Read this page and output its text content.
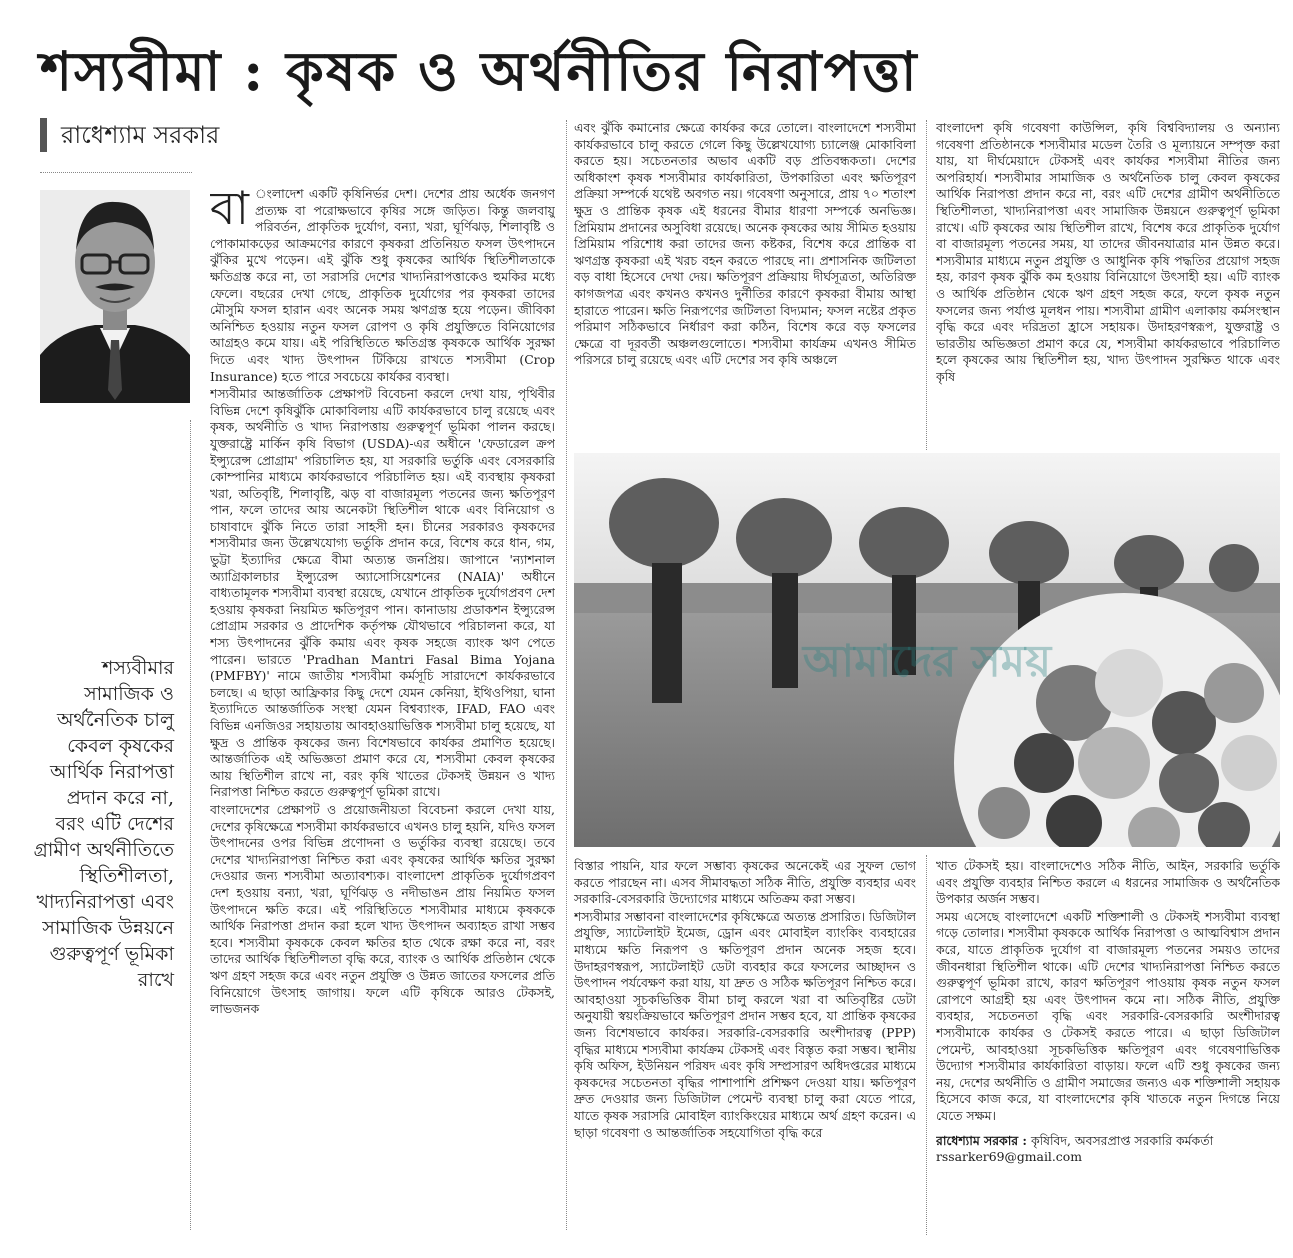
শস্যবীমা : কৃষক ও অর্থনীতির নিরাপত্তা
রাধেশ্যাম সরকার
শস্যবীমার সামাজিক ও অর্থনৈতিক চালু কেবল কৃষকের আর্থিক নিরাপত্তা প্রদান করে না, বরং এটি দেশের গ্রামীণ অর্থনীতিতে স্থিতিশীলতা, খাদ্যনিরাপত্তা এবং সামাজিক উন্নয়নে গুরুত্বপূর্ণ ভূমিকা রাখে

বা ংলাদেশ একটি কৃষিনির্ভর দেশ। দেশের প্রায় অর্ধেক জনগণ প্রত্যক্ষ বা পরোক্ষভাবে কৃষির সঙ্গে জড়িত। কিন্তু জলবায়ু পরিবর্তন, প্রাকৃতিক দুর্যোগ, বন্যা, খরা, ঘূর্ণিঝড়, শিলাবৃষ্টি ও পোকামাকড়ের আক্রমণের কারণে কৃষকরা প্রতিনিয়ত ফসল উৎপাদনে ঝুঁকির মুখে পড়েন। এই ঝুঁকি শুধু কৃষকের আর্থিক স্থিতিশীলতাকে ক্ষতিগ্রস্ত করে না, তা সরাসরি দেশের খাদ্যনিরাপত্তাকেও হুমকির মধ্যে ফেলে। বছরের দেখা গেছে, প্রাকৃতিক দুর্যোগের পর কৃষকরা তাদের মৌসুমি ফসল হারান এবং অনেক সময় ঋণগ্রস্ত হয়ে পড়েন। জীবিকা অনিশ্চিত হওয়ায় নতুন ফসল রোপণ ও কৃষি প্রযুক্তিতে বিনিয়োগের আগ্রহও কমে যায়। এই পরিস্থিতিতে ক্ষতিগ্রস্ত কৃষককে আর্থিক সুরক্ষা দিতে এবং খাদ্য উৎপাদন টিকিয়ে রাখতে শস্যবীমা (Crop Insurance) হতে পারে সবচেয়ে কার্যকর ব্যবস্থা।

শস্যবীমার আন্তর্জাতিক প্রেক্ষাপট বিবেচনা করলে দেখা যায়, পৃথিবীর বিভিন্ন দেশে কৃষিঝুঁকি মোকাবিলায় এটি কার্যকরভাবে চালু রয়েছে এবং কৃষক, অর্থনীতি ও খাদ্য নিরাপত্তায় গুরুত্বপূর্ণ ভূমিকা পালন করছে। যুক্তরাষ্ট্রে মার্কিন কৃষি বিভাগ (USDA)-এর অধীনে 'ফেডারেল ক্রপ ইন্স্যুরেন্স প্রোগ্রাম' পরিচালিত হয়, যা সরকারি ভর্তুকি এবং বেসরকারি কোম্পানির মাধ্যমে কার্যকরভাবে পরিচালিত হয়। এই ব্যবস্থায় কৃষকরা খরা, অতিবৃষ্টি, শিলাবৃষ্টি, ঝড় বা বাজারমূল্য পতনের জন্য ক্ষতিপূরণ পান, ফলে তাদের আয় অনেকটা স্থিতিশীল থাকে এবং বিনিয়োগ ও চাষাবাদে ঝুঁকি নিতে তারা সাহসী হন। চীনের সরকারও কৃষকদের শস্যবীমার জন্য উল্লেখযোগ্য ভর্তুকি প্রদান করে, বিশেষ করে ধান, গম, ভুট্টা ইত্যাদির ক্ষেত্রে বীমা অত্যন্ত জনপ্রিয়। জাপানে 'ন্যাশনাল অ্যাগ্রিকালচার ইন্স্যুরেন্স অ্যাসোসিয়েশনের (NAIA)' অধীনে বাধ্যতামূলক শস্যবীমা ব্যবস্থা রয়েছে, যেখানে প্রাকৃতিক দুর্যোগপ্রবণ দেশ হওয়ায় কৃষকরা নিয়মিত ক্ষতিপূরণ পান। কানাডায় প্রডাকশন ইন্স্যুরেন্স প্রোগ্রাম সরকার ও প্রাদেশিক কর্তৃপক্ষ যৌথভাবে পরিচালনা করে, যা শস্য উৎপাদনের ঝুঁকি কমায় এবং কৃষক সহজে ব্যাংক ঋণ পেতে পারেন। ভারতে 'Pradhan Mantri Fasal Bima Yojana (PMFBY)' নামে জাতীয় শস্যবীমা কর্মসূচি সারাদেশে কার্যকরভাবে চলছে। এ ছাড়া আফ্রিকার কিছু দেশে যেমন কেনিয়া, ইথিওপিয়া, ঘানা ইত্যাদিতে আন্তর্জাতিক সংস্থা যেমন বিশ্বব্যাংক, IFAD, FAO এবং বিভিন্ন এনজিওর সহায়তায় আবহাওয়াভিত্তিক শস্যবীমা চালু হয়েছে, যা ক্ষুদ্র ও প্রান্তিক কৃষকের জন্য বিশেষভাবে কার্যকর প্রমাণিত হয়েছে। আন্তর্জাতিক এই অভিজ্ঞতা প্রমাণ করে যে, শস্যবীমা কেবল কৃষকের আয় স্থিতিশীল রাখে না, বরং কৃষি খাতের টেকসই উন্নয়ন ও খাদ্য নিরাপত্তা নিশ্চিত করতে গুরুত্বপূর্ণ ভূমিকা রাখে।

বাংলাদেশের প্রেক্ষাপট ও প্রয়োজনীয়তা বিবেচনা করলে দেখা যায়, দেশের কৃষিক্ষেত্রে শস্যবীমা কার্যকরভাবে এখনও চালু হয়নি, যদিও ফসল উৎপাদনের ওপর বিভিন্ন প্রণোদনা ও ভর্তুকির ব্যবস্থা রয়েছে। তবে দেশের খাদ্যনিরাপত্তা নিশ্চিত করা এবং কৃষকের আর্থিক ক্ষতির সুরক্ষা দেওয়ার জন্য শস্যবীমা অত্যাবশ্যক। বাংলাদেশ প্রাকৃতিক দুর্যোগপ্রবণ দেশ হওয়ায় বন্যা, খরা, ঘূর্ণিঝড় ও নদীভাঙন প্রায় নিয়মিত ফসল উৎপাদনে ক্ষতি করে। এই পরিস্থিতিতে শস্যবীমার মাধ্যমে কৃষককে আর্থিক নিরাপত্তা প্রদান করা হলে খাদ্য উৎপাদন অব্যাহত রাখা সম্ভব হবে। শস্যবীমা কৃষককে কেবল ক্ষতির হাত থেকে রক্ষা করে না, বরং তাদের আর্থিক স্থিতিশীলতা বৃদ্ধি করে, ব্যাংক ও আর্থিক প্রতিষ্ঠান থেকে ঋণ গ্রহণ সহজ করে এবং নতুন প্রযুক্তি ও উন্নত জাতের ফসলের প্রতি বিনিয়োগে উৎসাহ জাগায়। ফলে এটি কৃষিকে আরও টেকসই, লাভজনক

এবং ঝুঁকি কমানোর ক্ষেত্রে কার্যকর করে তোলে। বাংলাদেশে শস্যবীমা কার্যকরভাবে চালু করতে গেলে কিছু উল্লেখযোগ্য চ্যালেঞ্জ মোকাবিলা করতে হয়। সচেতনতার অভাব একটি বড় প্রতিবন্ধকতা। দেশের অধিকাংশ কৃষক শস্যবীমার কার্যকারিতা, উপকারিতা এবং ক্ষতিপূরণ প্রক্রিয়া সম্পর্কে যথেষ্ট অবগত নয়। গবেষণা অনুসারে, প্রায় ৭০ শতাংশ ক্ষুদ্র ও প্রান্তিক কৃষক এই ধরনের বীমার ধারণা সম্পর্কে অনভিজ্ঞ। প্রিমিয়াম প্রদানের অসুবিধা রয়েছে। অনেক কৃষকের আয় সীমিত হওয়ায় প্রিমিয়াম পরিশোধ করা তাদের জন্য কষ্টকর, বিশেষ করে প্রান্তিক বা ঋণগ্রস্ত কৃষকরা এই খরচ বহন করতে পারছে না। প্রশাসনিক জটিলতা বড় বাধা হিসেবে দেখা দেয়। ক্ষতিপূরণ প্রক্রিয়ায় দীর্ঘসূত্রতা, অতিরিক্ত কাগজপত্র এবং কখনও কখনও দুর্নীতির কারণে কৃষকরা বীমায় আস্থা হারাতে পারেন। ক্ষতি নিরূপণের জটিলতা বিদ্যমান; ফসল নষ্টের প্রকৃত পরিমাণ সঠিকভাবে নির্ধারণ করা কঠিন, বিশেষ করে বড় ফসলের ক্ষেত্রে বা দূরবর্তী অঞ্চলগুলোতে। শস্যবীমা কার্যক্রম এখনও সীমিত পরিসরে চালু রয়েছে এবং এটি দেশের সব কৃষি অঞ্চলে

বাংলাদেশ কৃষি গবেষণা কাউন্সিল, কৃষি বিশ্ববিদ্যালয় ও অন্যান্য গবেষণা প্রতিষ্ঠানকে শস্যবীমার মডেল তৈরি ও মূল্যায়নে সম্পৃক্ত করা যায়, যা দীর্ঘমেয়াদে টেকসই এবং কার্যকর শস্যবীমা নীতির জন্য অপরিহার্য। শস্যবীমার সামাজিক ও অর্থনৈতিক চালু কেবল কৃষকের আর্থিক নিরাপত্তা প্রদান করে না, বরং এটি দেশের গ্রামীণ অর্থনীতিতে স্থিতিশীলতা, খাদ্যনিরাপত্তা এবং সামাজিক উন্নয়নে গুরুত্বপূর্ণ ভূমিকা রাখে। এটি কৃষকের আয় স্থিতিশীল রাখে, বিশেষ করে প্রাকৃতিক দুর্যোগ বা বাজারমূল্য পতনের সময়, যা তাদের জীবনযাত্রার মান উন্নত করে। শস্যবীমার মাধ্যমে নতুন প্রযুক্তি ও আধুনিক কৃষি পদ্ধতির প্রয়োগ সহজ হয়, কারণ কৃষক ঝুঁকি কম হওয়ায় বিনিয়োগে উৎসাহী হয়। এটি ব্যাংক ও আর্থিক প্রতিষ্ঠান থেকে ঋণ গ্রহণ সহজ করে, ফলে কৃষক নতুন ফসলের জন্য পর্যাপ্ত মূলধন পায়। শস্যবীমা গ্রামীণ এলাকায় কর্মসংস্থান বৃদ্ধি করে এবং দরিদ্রতা হ্রাসে সহায়ক। উদাহরণস্বরূপ, যুক্তরাষ্ট্র ও ভারতীয় অভিজ্ঞতা প্রমাণ করে যে, শস্যবীমা কার্যকরভাবে পরিচালিত হলে কৃষকের আয় স্থিতিশীল হয়, খাদ্য উৎপাদন সুরক্ষিত থাকে এবং কৃষি

আমাদের সময়

বিস্তার পায়নি, যার ফলে সম্ভাব্য কৃষকের অনেকেই এর সুফল ভোগ করতে পারছেন না। এসব সীমাবদ্ধতা সঠিক নীতি, প্রযুক্তি ব্যবহার এবং সরকারি-বেসরকারি উদ্যোগের মাধ্যমে অতিক্রম করা সম্ভব।

শস্যবীমার সম্ভাবনা বাংলাদেশের কৃষিক্ষেত্রে অত্যন্ত প্রসারিত। ডিজিটাল প্রযুক্তি, স্যাটেলাইট ইমেজ, ড্রোন এবং মোবাইল ব্যাংকিং ব্যবহারের মাধ্যমে ক্ষতি নিরূপণ ও ক্ষতিপূরণ প্রদান অনেক সহজ হবে। উদাহরণস্বরূপ, স্যাটেলাইট ডেটা ব্যবহার করে ফসলের আচ্ছাদন ও উৎপাদন পর্যবেক্ষণ করা যায়, যা দ্রুত ও সঠিক ক্ষতিপূরণ নিশ্চিত করে। আবহাওয়া সূচকভিত্তিক বীমা চালু করলে খরা বা অতিবৃষ্টির ডেটা অনুযায়ী স্বয়ংক্রিয়ভাবে ক্ষতিপূরণ প্রদান সম্ভব হবে, যা প্রান্তিক কৃষকের জন্য বিশেষভাবে কার্যকর। সরকারি-বেসরকারি অংশীদারত্ব (PPP) বৃদ্ধির মাধ্যমে শস্যবীমা কার্যক্রম টেকসই এবং বিস্তৃত করা সম্ভব। স্থানীয় কৃষি অফিস, ইউনিয়ন পরিষদ এবং কৃষি সম্প্রসারণ অধিদপ্তরের মাধ্যমে কৃষকদের সচেতনতা বৃদ্ধির পাশাপাশি প্রশিক্ষণ দেওয়া যায়। ক্ষতিপূরণ দ্রুত দেওয়ার জন্য ডিজিটাল পেমেন্ট ব্যবস্থা চালু করা যেতে পারে, যাতে কৃষক সরাসরি মোবাইল ব্যাংকিংয়ের মাধ্যমে অর্থ গ্রহণ করেন। এ ছাড়া গবেষণা ও আন্তর্জাতিক সহযোগিতা বৃদ্ধি করে

খাত টেকসই হয়। বাংলাদেশেও সঠিক নীতি, আইন, সরকারি ভর্তুকি এবং প্রযুক্তি ব্যবহার নিশ্চিত করলে এ ধরনের সামাজিক ও অর্থনৈতিক উপকার অর্জন সম্ভব।

সময় এসেছে বাংলাদেশে একটি শক্তিশালী ও টেকসই শস্যবীমা ব্যবস্থা গড়ে তোলার। শস্যবীমা কৃষককে আর্থিক নিরাপত্তা ও আত্মবিশ্বাস প্রদান করে, যাতে প্রাকৃতিক দুর্যোগ বা বাজারমূল্য পতনের সময়ও তাদের জীবনধারা স্থিতিশীল থাকে। এটি দেশের খাদ্যনিরাপত্তা নিশ্চিত করতে গুরুত্বপূর্ণ ভূমিকা রাখে, কারণ ক্ষতিপূরণ পাওয়ায় কৃষক নতুন ফসল রোপণে আগ্রহী হয় এবং উৎপাদন কমে না। সঠিক নীতি, প্রযুক্তি ব্যবহার, সচেতনতা বৃদ্ধি এবং সরকারি-বেসরকারি অংশীদারত্ব শস্যবীমাকে কার্যকর ও টেকসই করতে পারে। এ ছাড়া ডিজিটাল পেমেন্ট, আবহাওয়া সূচকভিত্তিক ক্ষতিপূরণ এবং গবেষণাভিত্তিক উদ্যোগ শস্যবীমার কার্যকারিতা বাড়ায়। ফলে এটি শুধু কৃষকের জন্য নয়, দেশের অর্থনীতি ও গ্রামীণ সমাজের জন্যও এক শক্তিশালী সহায়ক হিসেবে কাজ করে, যা বাংলাদেশের কৃষি খাতকে নতুন দিগন্তে নিয়ে যেতে সক্ষম।

রাধেশ্যাম সরকার : কৃষিবিদ, অবসরপ্রাপ্ত সরকারি কর্মকর্তা
rssarker69@gmail.com
